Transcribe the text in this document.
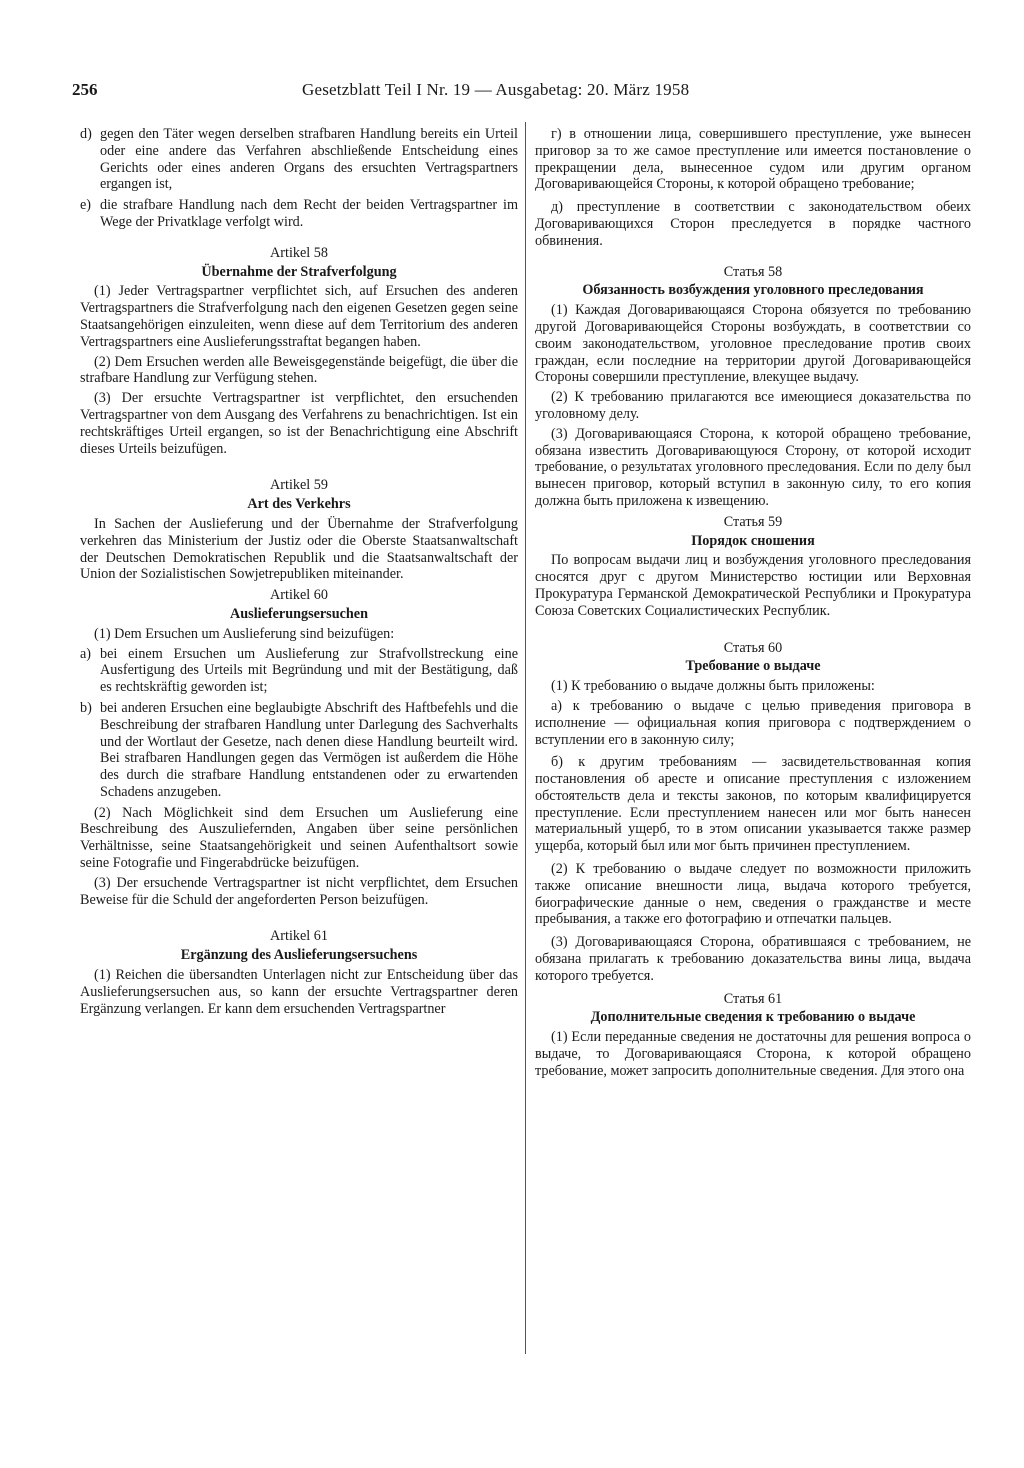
256	Gesetzblatt Teil I Nr. 19 — Ausgabetag: 20. März 1958
d) gegen den Täter wegen derselben strafbaren Handlung bereits ein Urteil oder eine andere das Verfahren abschließende Entscheidung eines Gerichts oder eines anderen Organs des ersuchten Vertragspartners ergangen ist,
e) die strafbare Handlung nach dem Recht der beiden Vertragspartner im Wege der Privatklage verfolgt wird.
Artikel 58
Übernahme der Strafverfolgung

(1) Jeder Vertragspartner verpflichtet sich, auf Ersuchen des anderen Vertragspartners die Strafverfolgung nach den eigenen Gesetzen gegen seine Staatsangehörigen einzuleiten, wenn diese auf dem Territorium des anderen Vertragspartners eine Auslieferungsstraftat begangen haben.

(2) Dem Ersuchen werden alle Beweisgegenstände beigefügt, die über die strafbare Handlung zur Verfügung stehen.

(3) Der ersuchte Vertragspartner ist verpflichtet, den ersuchenden Vertragspartner von dem Ausgang des Verfahrens zu benachrichtigen. Ist ein rechtskräftiges Urteil ergangen, so ist der Benachrichtigung eine Abschrift dieses Urteils beizufügen.

Artikel 59
Art des Verkehrs

In Sachen der Auslieferung und der Übernahme der Strafverfolgung verkehren das Ministerium der Justiz oder die Oberste Staatsanwaltschaft der Deutschen Demokratischen Republik und die Staatsanwaltschaft der Union der Sozialistischen Sowjetrepubliken miteinander.

Artikel 60
Auslieferungsersuchen

(1) Dem Ersuchen um Auslieferung sind beizufügen:

a) bei einem Ersuchen um Auslieferung zur Strafvollstreckung eine Ausfertigung des Urteils mit Begründung und mit der Bestätigung, daß es rechtskräftig geworden ist;
b) bei anderen Ersuchen eine beglaubigte Abschrift des Haftbefehls und die Beschreibung der strafbaren Handlung unter Darlegung des Sachverhalts und der Wortlaut der Gesetze, nach denen diese Handlung beurteilt wird. Bei strafbaren Handlungen gegen das Vermögen ist außerdem die Höhe des durch die strafbare Handlung entstandenen oder zu erwartenden Schadens anzugeben.

(2) Nach Möglichkeit sind dem Ersuchen um Auslieferung eine Beschreibung des Auszuliefernden, Angaben über seine persönlichen Verhältnisse, seine Staatsangehörigkeit und seinen Aufenthaltsort sowie seine Fotografie und Fingerabdrücke beizufügen.

(3) Der ersuchende Vertragspartner ist nicht verpflichtet, dem Ersuchen Beweise für die Schuld der angeforderten Person beizufügen.

Artikel 61
Ergänzung des Auslieferungsersuchens

(1) Reichen die übersandten Unterlagen nicht zur Entscheidung über das Auslieferungsersuchen aus, so kann der ersuchte Vertragspartner deren Ergänzung verlangen. Er kann dem ersuchenden Vertragspartner

г) в отношении лица, совершившего преступление, уже вынесен приговор за то же самое преступление или имеется постановление о прекращении дела, вынесенное судом или другим органом Договаривающейся Стороны, к которой обращено требование;

д) преступление в соответствии с законодательством обеих Договаривающихся Сторон преследуется в порядке частного обвинения.

Статья 58
Обязанность возбуждения уголовного преследования

(1) Каждая Договаривающаяся Сторона обязуется по требованию другой Договаривающейся Стороны возбуждать, в соответствии со своим законодательством, уголовное преследование против своих граждан, если последние на территории другой Договаривающейся Стороны совершили преступление, влекущее выдачу.

(2) К требованию прилагаются все имеющиеся доказательства по уголовному делу.

(3) Договаривающаяся Сторона, к которой обращено требование, обязана известить Договаривающуюся Сторону, от которой исходит требование, о результатах уголовного преследования. Если по делу был вынесен приговор, который вступил в законную силу, то его копия должна быть приложена к извещению.

Статья 59
Порядок сношения

По вопросам выдачи лиц и возбуждения уголовного преследования сносятся друг с другом Министерство юстиции или Верховная Прокуратура Германской Демократической Республики и Прокуратура Союза Советских Социалистических Республик.

Статья 60
Требование о выдаче

(1) К требованию о выдаче должны быть приложены:

а) к требованию о выдаче с целью приведения приговора в исполнение — официальная копия приговора с подтверждением о вступлении его в законную силу;

б) к другим требованиям — засвидетельствованная копия постановления об аресте и описание преступления с изложением обстоятельств дела и тексты законов, по которым квалифицируется преступление. Если преступлением нанесен или мог быть нанесен материальный ущерб, то в этом описании указывается также размер ущерба, который был или мог быть причинен преступлением.

(2) К требованию о выдаче следует по возможности приложить также описание внешности лица, выдача которого требуется, биографические данные о нем, сведения о гражданстве и месте пребывания, а также его фотографию и отпечатки пальцев.

(3) Договаривающаяся Сторона, обратившаяся с требованием, не обязана прилагать к требованию доказательства вины лица, выдача которого требуется.

Статья 61
Дополнительные сведения к требованию о выдаче

(1) Если переданные сведения не достаточны для решения вопроса о выдаче, то Договаривающаяся Сторона, к которой обращено требование, может запросить дополнительные сведения. Для этого она
